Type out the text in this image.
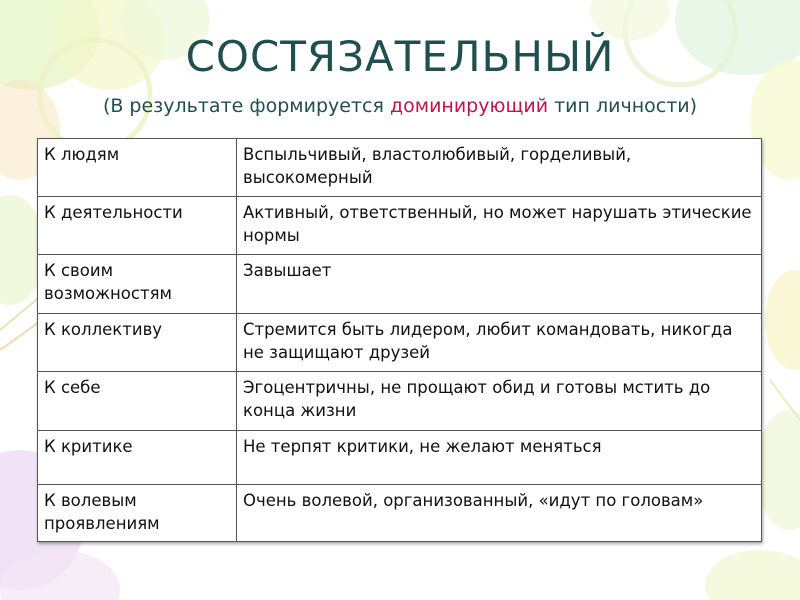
СОСТЯЗАТЕЛЬНЫЙ
(В результате формируется доминирующий тип личности)
К людям	Вспыльчивый, властолюбивый, горделивый, высокомерный
К деятельности	Активный, ответственный, но может нарушать этические нормы
К своим возможностям	Завышает
К коллективу	Стремится быть лидером, любит командовать, никогда не защищают друзей
К себе	Эгоцентричны, не прощают обид и готовы мстить до конца жизни
К критике	Не терпят критики, не желают меняться
К волевым проявлениям	Очень волевой, организованный, «идут по головам»
